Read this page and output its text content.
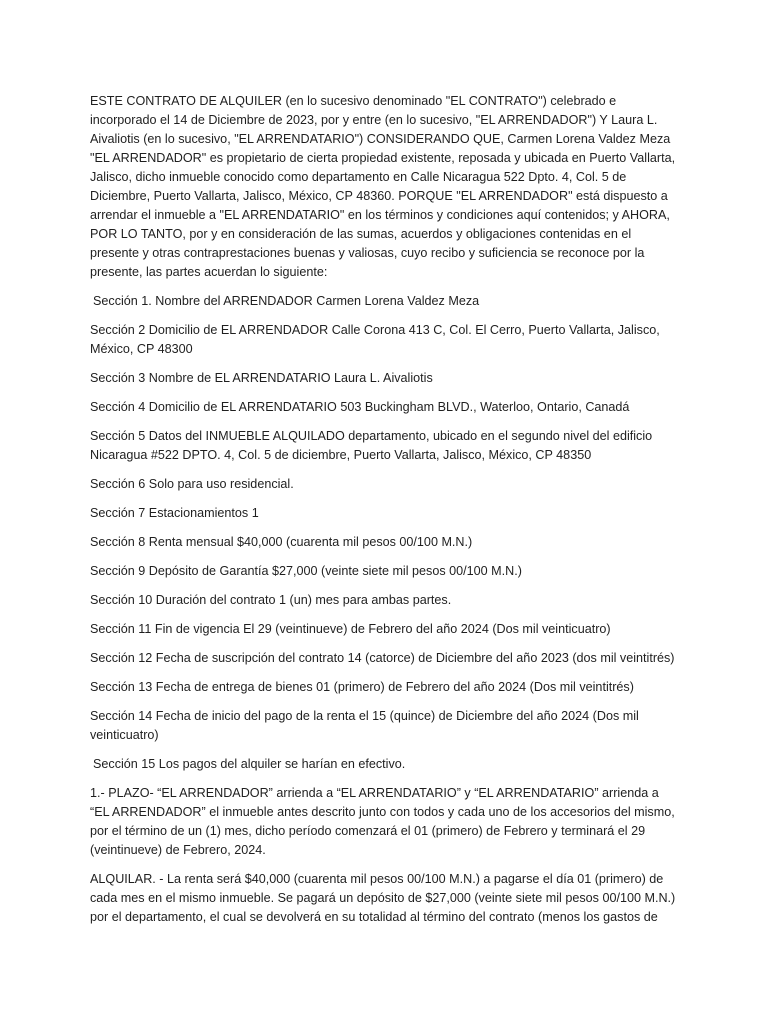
ESTE CONTRATO DE ALQUILER (en lo sucesivo denominado "EL CONTRATO") celebrado e incorporado el 14 de Diciembre de 2023, por y entre (en lo sucesivo, "EL ARRENDADOR") Y Laura L. Aivaliotis (en lo sucesivo, "EL ARRENDATARIO") CONSIDERANDO QUE, Carmen Lorena Valdez Meza "EL ARRENDADOR" es propietario de cierta propiedad existente, reposada y ubicada en Puerto Vallarta, Jalisco, dicho inmueble conocido como departamento en Calle Nicaragua 522 Dpto. 4, Col. 5 de Diciembre, Puerto Vallarta, Jalisco, México, CP 48360. PORQUE "EL ARRENDADOR" está dispuesto a arrendar el inmueble a "EL ARRENDATARIO" en los términos y condiciones aquí contenidos; y AHORA, POR LO TANTO, por y en consideración de las sumas, acuerdos y obligaciones contenidas en el presente y otras contraprestaciones buenas y valiosas, cuyo recibo y suficiencia se reconoce por la presente, las partes acuerdan lo siguiente:

Sección 1. Nombre del ARRENDADOR Carmen Lorena Valdez Meza

Sección 2 Domicilio de EL ARRENDADOR Calle Corona 413 C, Col. El Cerro, Puerto Vallarta, Jalisco, México, CP 48300

Sección 3 Nombre de EL ARRENDATARIO Laura L. Aivaliotis

Sección 4 Domicilio de EL ARRENDATARIO 503 Buckingham BLVD., Waterloo, Ontario, Canadá

Sección 5 Datos del INMUEBLE ALQUILADO departamento, ubicado en el segundo nivel del edificio Nicaragua #522 DPTO. 4, Col. 5 de diciembre, Puerto Vallarta, Jalisco, México, CP 48350

Sección 6 Solo para uso residencial.

Sección 7 Estacionamientos 1

Sección 8 Renta mensual $40,000 (cuarenta mil pesos 00/100 M.N.)

Sección 9 Depósito de Garantía $27,000 (veinte siete mil pesos 00/100 M.N.)

Sección 10 Duración del contrato 1 (un) mes para ambas partes.

Sección 11 Fin de vigencia El 29 (veintinueve) de Febrero del año 2024 (Dos mil veinticuatro)

Sección 12 Fecha de suscripción del contrato 14 (catorce) de Diciembre del año 2023 (dos mil veintitrés)

Sección 13 Fecha de entrega de bienes 01 (primero) de Febrero del año 2024 (Dos mil veintitrés)

Sección 14 Fecha de inicio del pago de la renta el 15 (quince) de Diciembre del año 2024 (Dos mil veinticuatro)

Sección 15 Los pagos del alquiler se harían en efectivo.

1.- PLAZO- “EL ARRENDADOR” arrienda a “EL ARRENDATARIO” y “EL ARRENDATARIO” arrienda a “EL ARRENDADOR” el inmueble antes descrito junto con todos y cada uno de los accesorios del mismo, por el término de un (1) mes, dicho período comenzará el 01 (primero) de Febrero y terminará el 29 (veintinueve) de Febrero, 2024.

ALQUILAR. - La renta será $40,000 (cuarenta mil pesos 00/100 M.N.) a pagarse el día 01 (primero) de cada mes en el mismo inmueble. Se pagará un depósito de $27,000 (veinte siete mil pesos 00/100 M.N.) por el departamento, el cual se devolverá en su totalidad al término del contrato (menos los gastos de
